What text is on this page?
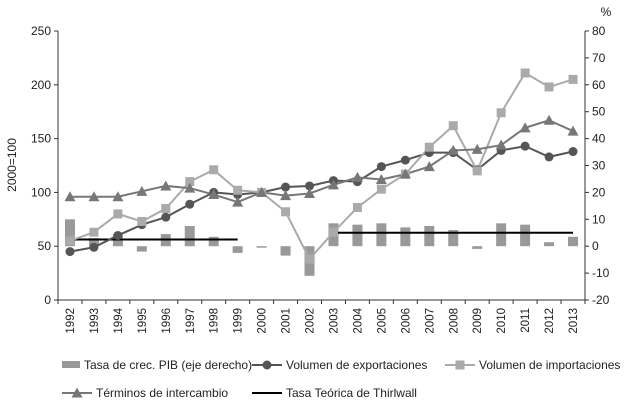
0
50
100
150
200
250
-20
-10
0
10
20
30
40
50
60
70
80
1992 1993 1994 1995 1996 1997 1998 1999 2000 2001 2002 2003 2004 2005 2006 2007 2008 2009 2010 2011 2012 2013
2000=100
%
Tasa de crec. PIB (eje derecho)	Volumen de exportaciones	Volumen de importaciones
Términos de intercambio	Tasa Teórica de Thirlwall
